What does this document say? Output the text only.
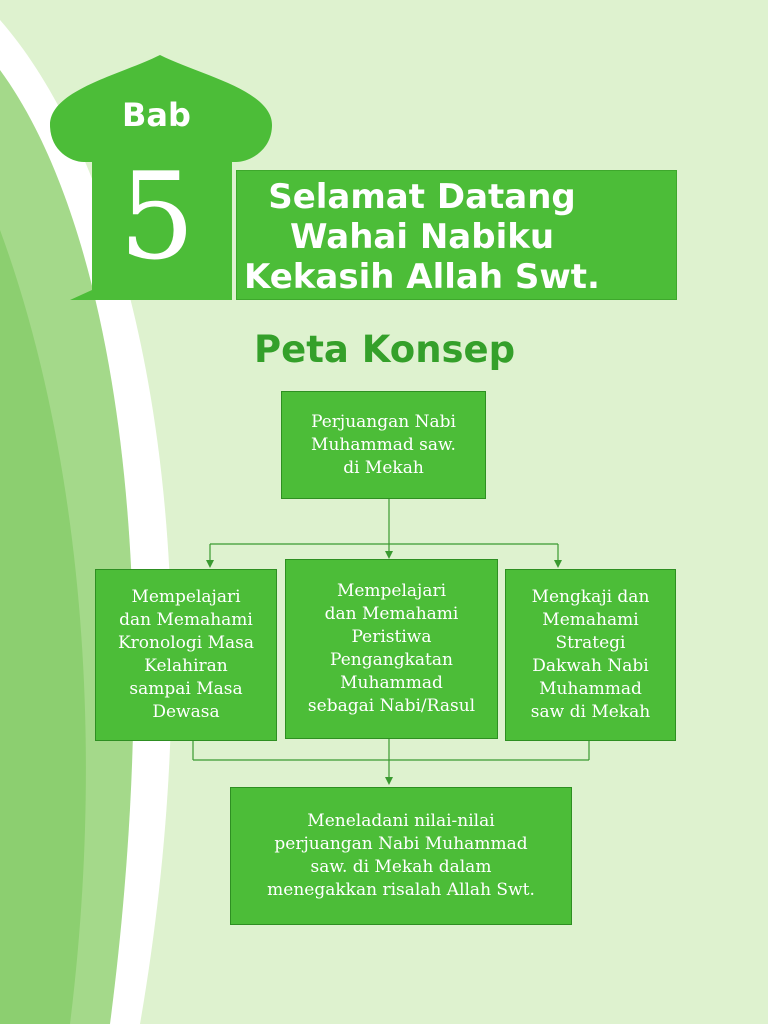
Bab
5	Selamat Datang
Wahai Nabiku
Kekasih Allah Swt.
Peta Konsep
Perjuangan Nabi
Muhammad saw.
di Mekah
Mempelajari
dan Memahami
Kronologi Masa
Kelahiran
sampai Masa
Dewasa
Mempelajari
dan Memahami
Peristiwa
Pengangkatan
Muhammad
sebagai Nabi/Rasul
Mengkaji dan
Memahami
Strategi
Dakwah Nabi
Muhammad
saw di Mekah
Meneladani nilai-nilai
perjuangan Nabi Muhammad
saw. di Mekah dalam
menegakkan risalah Allah Swt.
